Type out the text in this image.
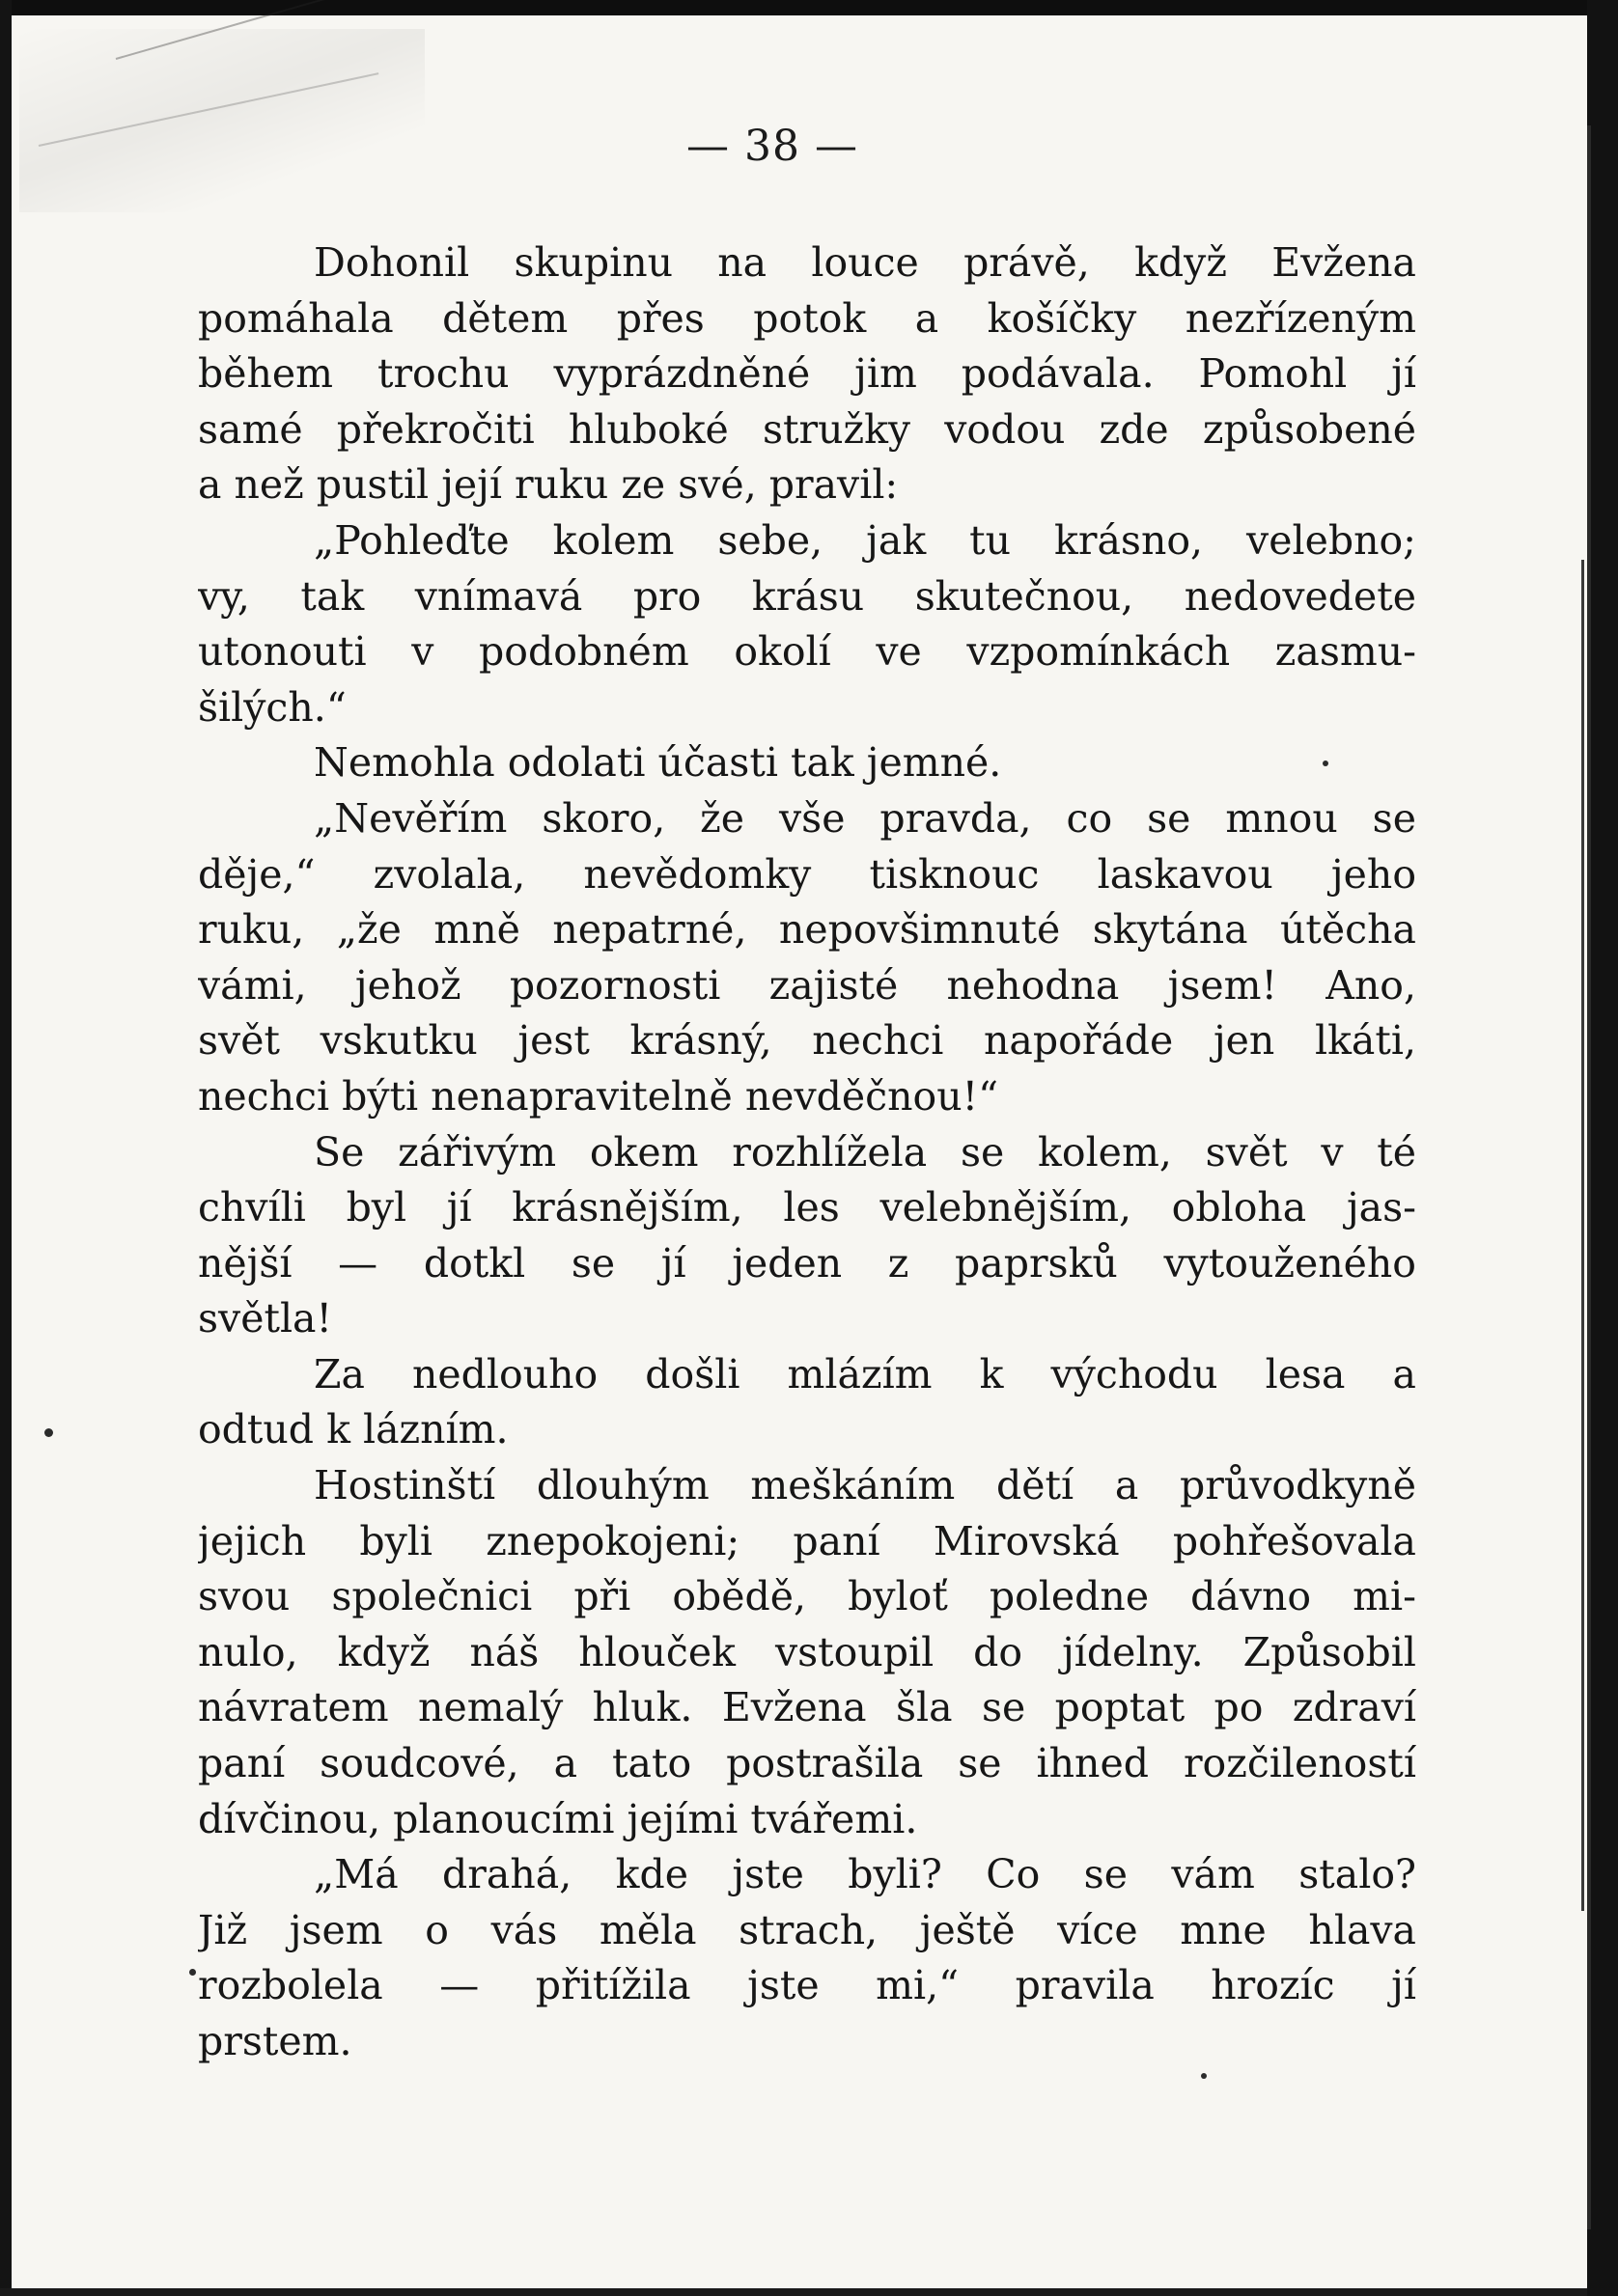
— 38 —
Dohonil skupinu na louce právě, když Evžena
pomáhala dětem přes potok a košíčky nezřízeným
během trochu vyprázdněné jim podávala. Pomohl jí
samé překročiti hluboké stružky vodou zde způsobené
a než pustil její ruku ze své, pravil:
„Pohleďte kolem sebe, jak tu krásno, velebno;
vy, tak vnímavá pro krásu skutečnou, nedovedete
utonouti v podobném okolí ve vzpomínkách zasmu-
šilých.“
Nemohla odolati účasti tak jemné.
„Nevěřím skoro, že vše pravda, co se mnou se
děje,“ zvolala, nevědomky tisknouc laskavou jeho
ruku, „že mně nepatrné, nepovšimnuté skytána útěcha
vámi, jehož pozornosti zajisté nehodna jsem! Ano,
svět vskutku jest krásný, nechci napořáde jen lkáti,
nechci býti nenapravitelně nevděčnou!“
Se zářivým okem rozhlížela se kolem, svět v té
chvíli byl jí krásnějším, les velebnějším, obloha jas-
nější — dotkl se jí jeden z paprsků vytouženého
světla!
Za nedlouho došli mlázím k východu lesa a
odtud k lázním.
Hostinští dlouhým meškáním dětí a průvodkyně
jejich byli znepokojeni; paní Mirovská pohřešovala
svou společnici při obědě, byloť poledne dávno mi-
nulo, když náš hlouček vstoupil do jídelny. Způsobil
návratem nemalý hluk. Evžena šla se poptat po zdraví
paní soudcové, a tato postrašila se ihned rozčileností
dívčinou, planoucími jejími tvářemi.
„Má drahá, kde jste byli? Co se vám stalo?
Již jsem o vás měla strach, ještě více mne hlava
rozbolela — přitížila jste mi,“ pravila hrozíc jí
prstem.
